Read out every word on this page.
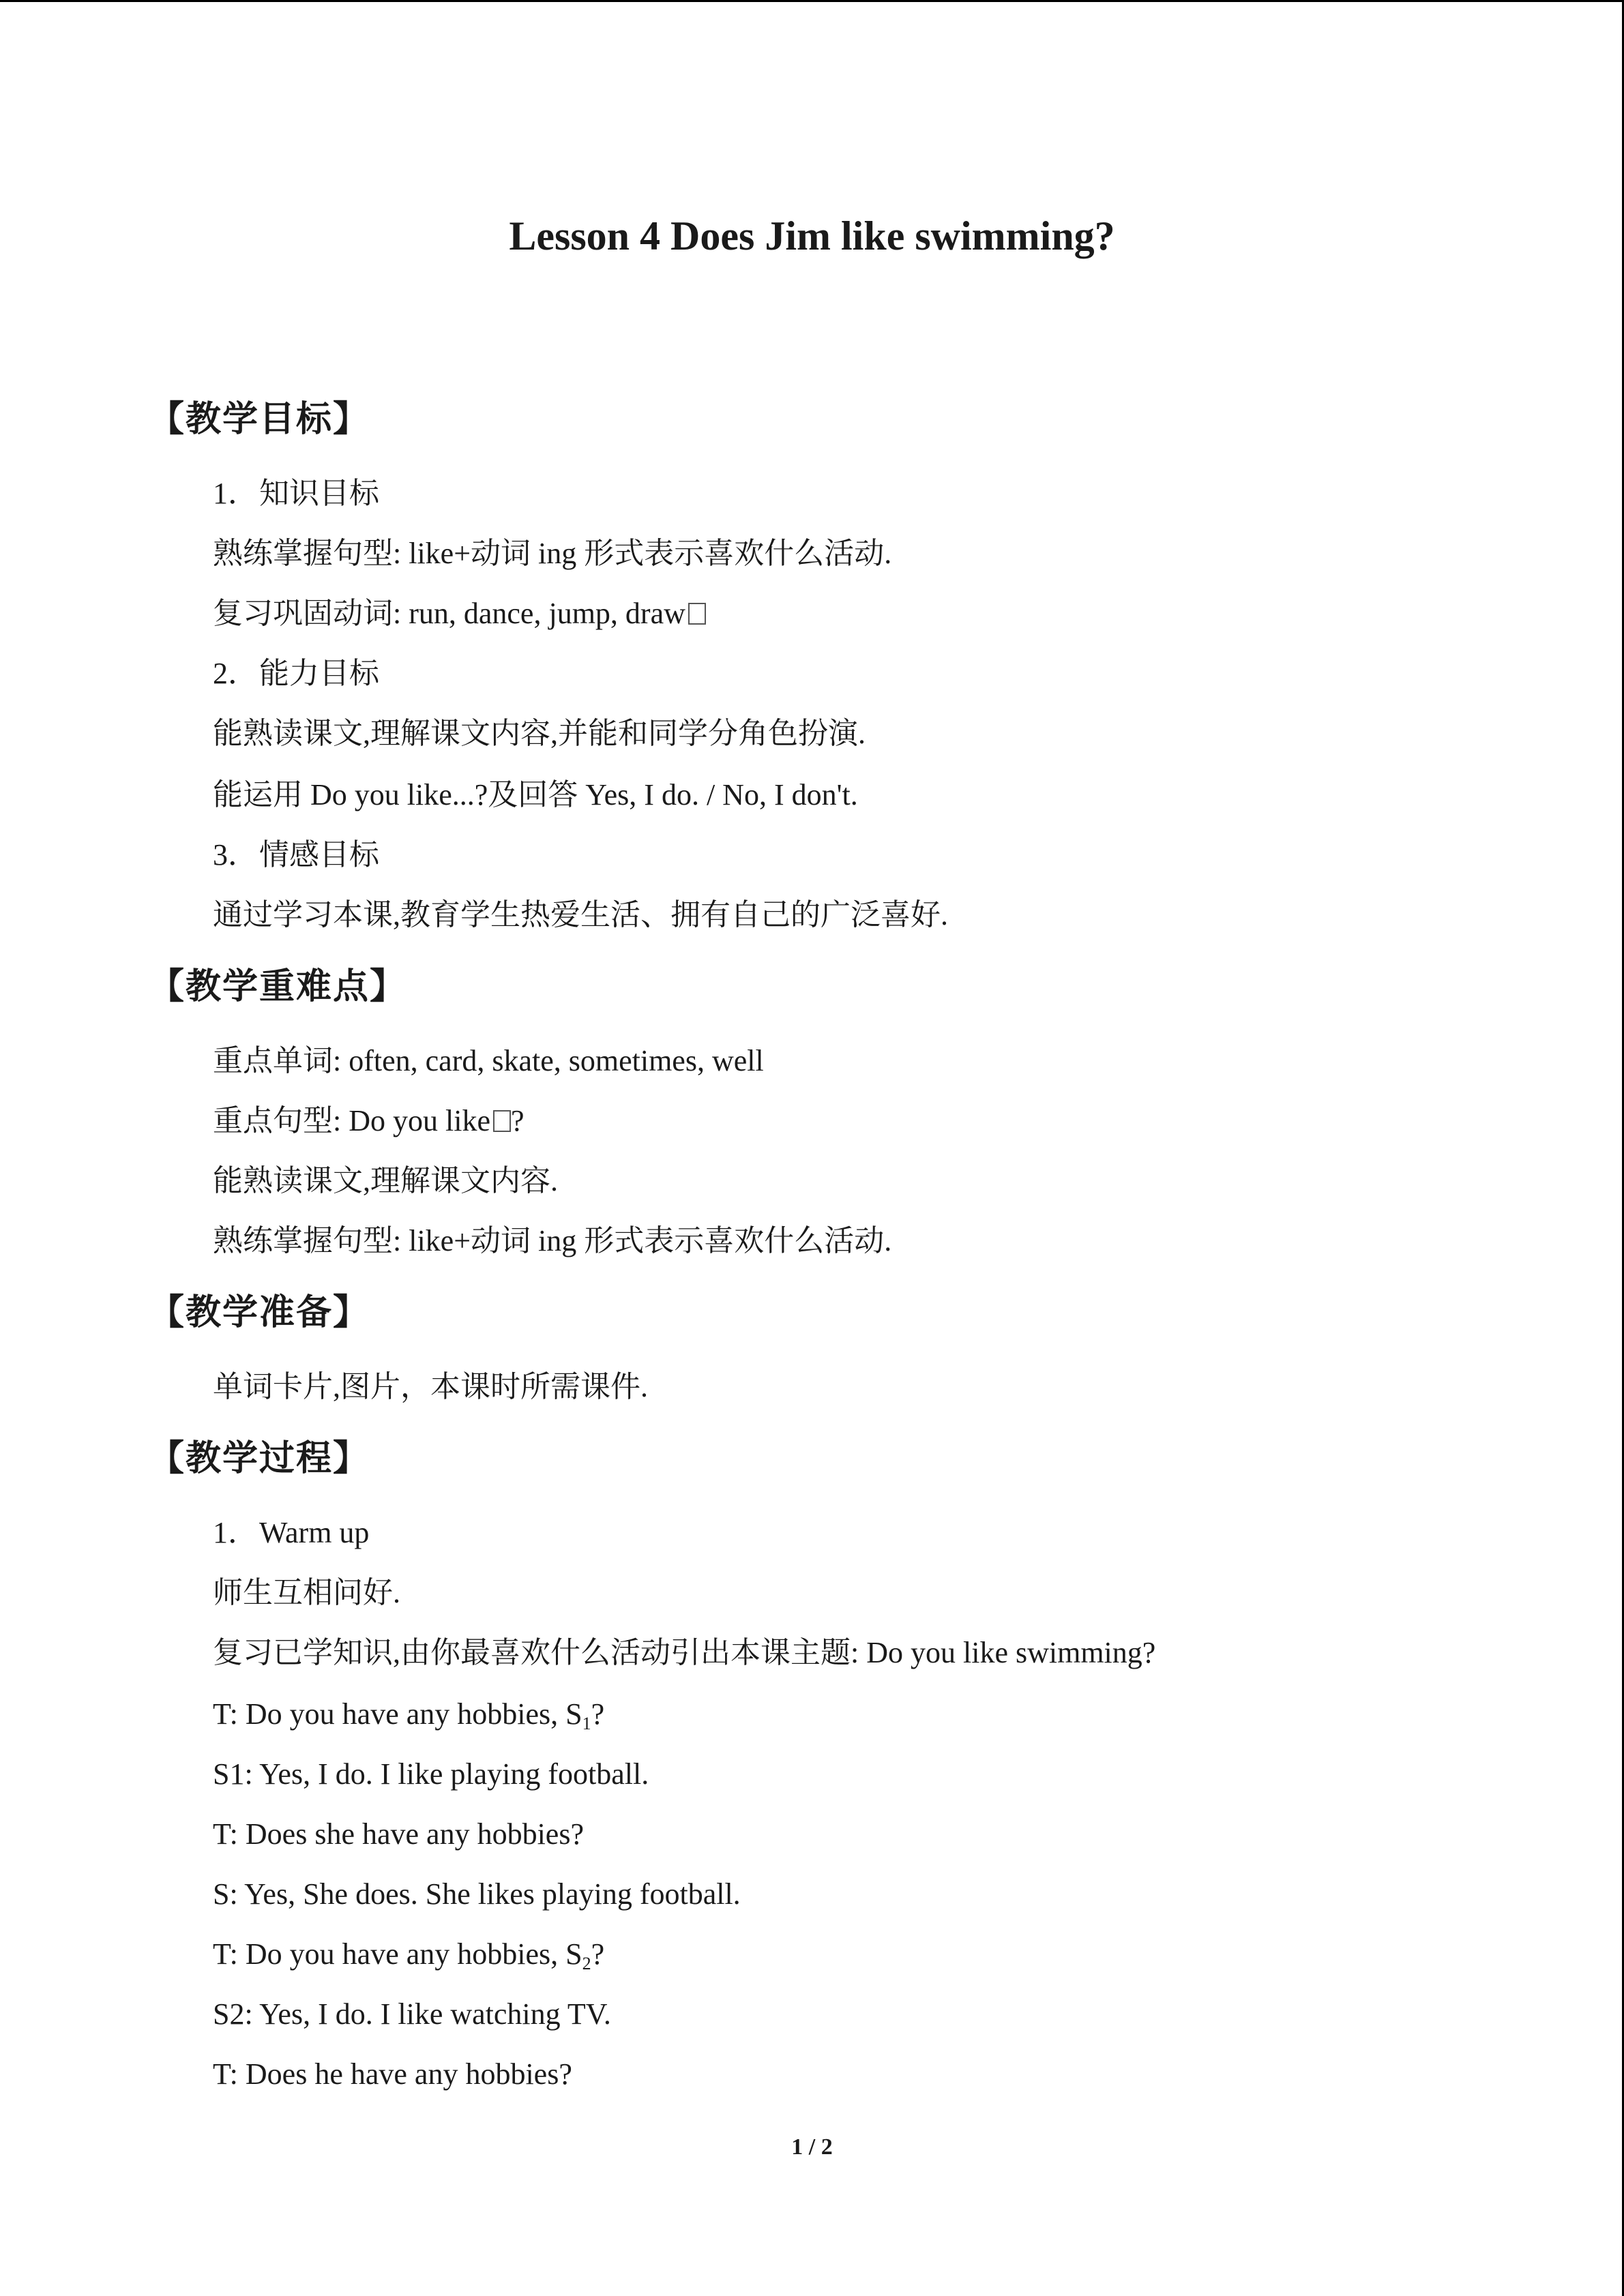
Lesson 4 Does Jim like swimming?
【教学目标】
1．知识目标
熟练掌握句型: like+动词 ing 形式表示喜欢什么活动.
复习巩固动词: run, dance, jump, draw
2．能力目标
能熟读课文,理解课文内容,并能和同学分角色扮演.
能运用 Do you like...?及回答 Yes, I do. / No, I don't.
3．情感目标
通过学习本课,教育学生热爱生活、拥有自己的广泛喜好.
【教学重难点】
重点单词: often, card, skate, sometimes, well
重点句型: Do you like ?
能熟读课文,理解课文内容.
熟练掌握句型: like+动词 ing 形式表示喜欢什么活动.
【教学准备】
单词卡片,图片，本课时所需课件.
【教学过程】
1．Warm up
师生互相问好.
复习已学知识,由你最喜欢什么活动引出本课主题: Do you like swimming?
T: Do you have any hobbies, $S_1$?
S1: Yes, I do. I like playing football.
T: Does she have any hobbies?
S: Yes, She does. She likes playing football.
T: Do you have any hobbies, $S_2$?
S2: Yes, I do. I like watching TV.
T: Does he have any hobbies?
1 / 2
